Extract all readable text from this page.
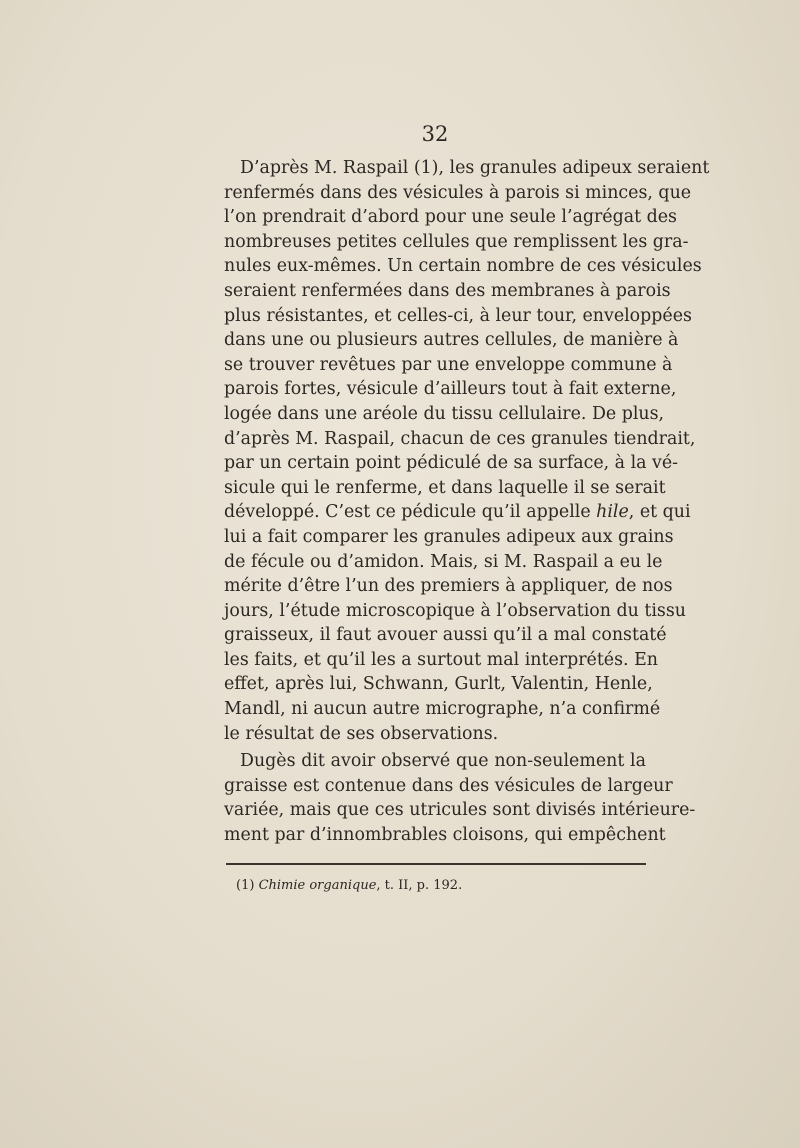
32
D’après M. Raspail (1), les granules adipeux seraient
renfermés dans des vésicules à parois si minces, que
l’on prendrait d’abord pour une seule l’agrégat des
nombreuses petites cellules que remplissent les gra-
nules eux-mêmes. Un certain nombre de ces vésicules
seraient renfermées dans des membranes à parois
plus résistantes, et celles-ci, à leur tour, enveloppées
dans une ou plusieurs autres cellules, de manière à
se trouver revêtues par une enveloppe commune à
parois fortes, vésicule d’ailleurs tout à fait externe,
logée dans une aréole du tissu cellulaire. De plus,
d’après M. Raspail, chacun de ces granules tiendrait,
par un certain point pédiculé de sa surface, à la vé-
sicule qui le renferme, et dans laquelle il se serait
développé. C’est ce pédicule qu’il appelle hile, et qui
lui a fait comparer les granules adipeux aux grains
de fécule ou d’amidon. Mais, si M. Raspail a eu le
mérite d’être l’un des premiers à appliquer, de nos
jours, l’étude microscopique à l’observation du tissu
graisseux, il faut avouer aussi qu’il a mal constaté
les faits, et qu’il les a surtout mal interprétés. En
effet, après lui, Schwann, Gurlt, Valentin, Henle,
Mandl, ni aucun autre micrographe, n’a confirmé
le résultat de ses observations.
Dugès dit avoir observé que non-seulement la
graisse est contenue dans des vésicules de largeur
variée, mais que ces utricules sont divisés intérieure-
ment par d’innombrables cloisons, qui empêchent
(1) Chimie organique, t. II, p. 192.
